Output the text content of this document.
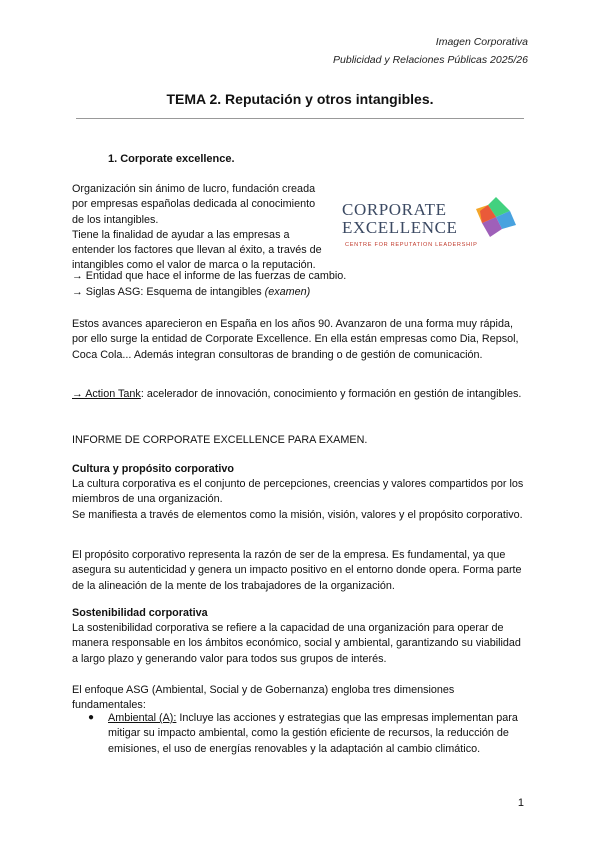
Imagen Corporativa
Publicidad y Relaciones Públicas 2025/26
TEMA 2. Reputación y otros intangibles.
1. Corporate excellence.

Organización sin ánimo de lucro, fundación creada

por empresas españolas dedicada al conocimiento

de los intangibles.

Tiene la finalidad de ayudar a las empresas a

entender los factores que llevan al éxito, a través de

intangibles como el valor de marca o la reputación.

→ Entidad que hace el informe de las fuerzas de cambio.
→ Siglas ASG: Esquema de intangibles (examen)
CORPORATE
EXCELLENCE
CENTRE FOR REPUTATION LEADERSHIP
Estos avances aparecieron en España en los años 90. Avanzaron de una forma muy rápida, por ello surge la entidad de Corporate Excellence. En ella están empresas como Dia, Repsol, Coca Cola... Además integran consultoras de branding o de gestión de comunicación.
→ Action Tank: acelerador de innovación, conocimiento y formación en gestión de intangibles.
INFORME DE CORPORATE EXCELLENCE PARA EXAMEN.
Cultura y propósito corporativo

La cultura corporativa es el conjunto de percepciones, creencias y valores compartidos por los miembros de una organización.

Se manifiesta a través de elementos como la misión, visión, valores y el propósito corporativo.

El propósito corporativo representa la razón de ser de la empresa. Es fundamental, ya que asegura su autenticidad y genera un impacto positivo en el entorno donde opera. Forma parte de la alineación de la mente de los trabajadores de la organización.
Sostenibilidad corporativa
La sostenibilidad corporativa se refiere a la capacidad de una organización para operar de manera responsable en los ámbitos económico, social y ambiental, garantizando su viabilidad a largo plazo y generando valor para todos sus grupos de interés.
El enfoque ASG (Ambiental, Social y de Gobernanza) engloba tres dimensiones fundamentales:
● Ambiental (A): Incluye las acciones y estrategias que las empresas implementan para mitigar su impacto ambiental, como la gestión eficiente de recursos, la reducción de emisiones, el uso de energías renovables y la adaptación al cambio climático.
1
